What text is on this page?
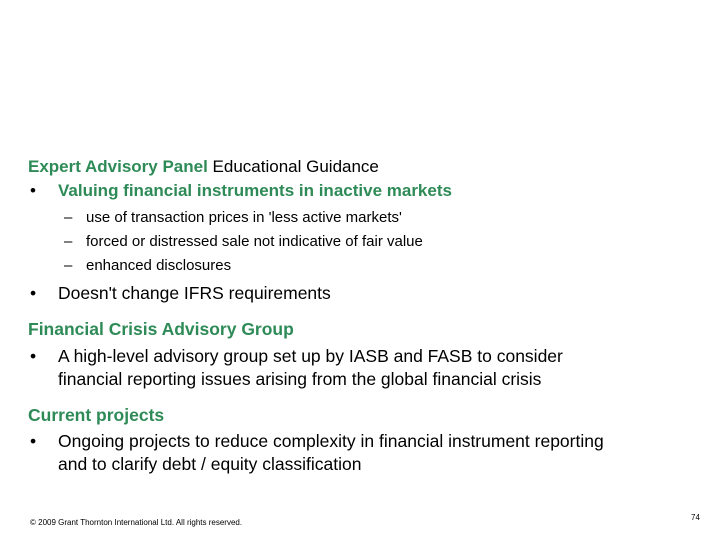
Expert Advisory Panel Educational Guidance
• Valuing financial instruments in inactive markets
– use of transaction prices in 'less active markets'
– forced or distressed sale not indicative of fair value
– enhanced disclosures
• Doesn't change IFRS requirements
Financial Crisis Advisory Group
• A high-level advisory group set up by IASB and FASB to consider
financial reporting issues arising from the global financial crisis
Current projects
• Ongoing projects to reduce complexity in financial instrument reporting
and to clarify debt / equity classification
© 2009 Grant Thornton International Ltd. All rights reserved.
74
